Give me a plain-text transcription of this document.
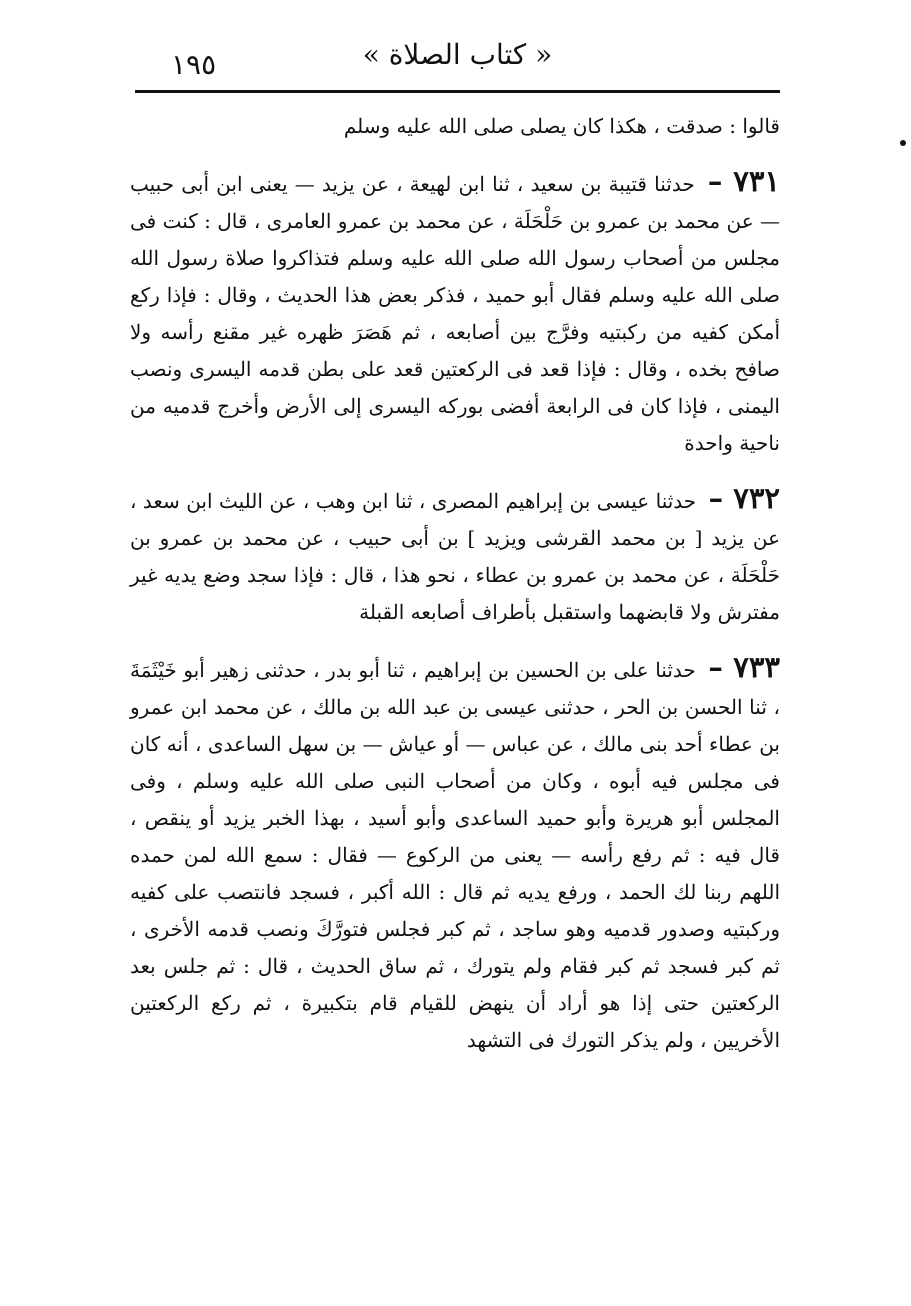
« كتاب الصلاة »
١٩٥

قالوا : صدقت ، هكذا كان يصلى صلى الله عليه وسلم

٧٣١ – حدثنا قتيبة بن سعيد ، ثنا ابن لهيعة ، عن يزيد — يعنى ابن أبى حبيب — عن محمد بن عمرو بن حَلْحَلَة ، عن محمد بن عمرو العامرى ، قال : كنت فى مجلس من أصحاب رسول الله صلى الله عليه وسلم فتذاكروا صلاة رسول الله صلى الله عليه وسلم فقال أبو حميد ، فذكر بعض هذا الحديث ، وقال : فإذا ركع أمكن كفيه من ركبتيه وفرَّج بين أصابعه ، ثم هَصَرَ ظهره غير مقنع رأسه ولا صافح بخده ، وقال : فإذا قعد فى الركعتين قعد على بطن قدمه اليسرى ونصب اليمنى ، فإذا كان فى الرابعة أفضى بوركه اليسرى إلى الأرض وأخرج قدميه من ناحية واحدة

٧٣٢ – حدثنا عيسى بن إبراهيم المصرى ، ثنا ابن وهب ، عن الليث ابن سعد ، عن يزيد [ بن محمد القرشى ويزيد ] بن أبى حبيب ، عن محمد بن عمرو بن حَلْحَلَة ، عن محمد بن عمرو بن عطاء ، نحو هذا ، قال : فإذا سجد وضع يديه غير مفترش ولا قابضهما واستقبل بأطراف أصابعه القبلة

٧٣٣ – حدثنا على بن الحسين بن إبراهيم ، ثنا أبو بدر ، حدثنى زهير أبو خَيْثَمَةَ ، ثنا الحسن بن الحر ، حدثنى عيسى بن عبد الله بن مالك ، عن محمد ابن عمرو بن عطاء أحد بنى مالك ، عن عباس — أو عياش — بن سهل الساعدى ، أنه كان فى مجلس فيه أبوه ، وكان من أصحاب النبى صلى الله عليه وسلم ، وفى المجلس أبو هريرة وأبو حميد الساعدى وأبو أسيد ، بهذا الخبر يزيد أو ينقص ، قال فيه : ثم رفع رأسه — يعنى من الركوع — فقال : سمع الله لمن حمده اللهم ربنا لك الحمد ، ورفع يديه ثم قال : الله أكبر ، فسجد فانتصب على كفيه وركبتيه وصدور قدميه وهو ساجد ، ثم كبر فجلس فتورَّكَ ونصب قدمه الأخرى ، ثم كبر فسجد ثم كبر فقام ولم يتورك ، ثم ساق الحديث ، قال : ثم جلس بعد الركعتين حتى إذا هو أراد أن ينهض للقيام قام بتكبيرة ، ثم ركع الركعتين الأخريين ، ولم يذكر التورك فى التشهد
